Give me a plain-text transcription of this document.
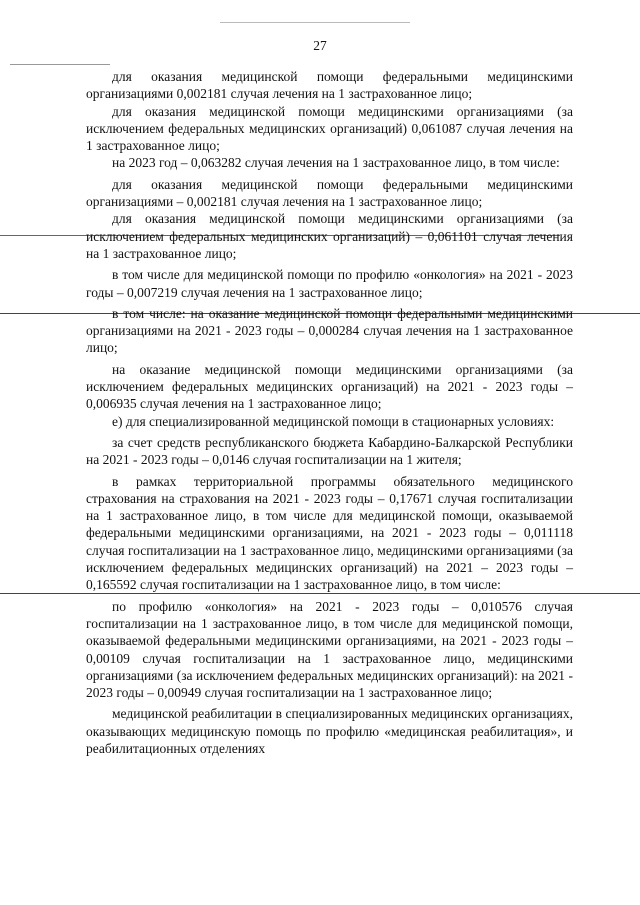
27

для оказания медицинской помощи федеральными медицинскими организациями 0,002181 случая лечения на 1 застрахованное лицо;

для оказания медицинской помощи медицинскими организациями (за исключением федеральных медицинских организаций) 0,061087 случая лечения на 1 застрахованное лицо;

на 2023 год – 0,063282 случая лечения на 1 застрахованное лицо, в том числе:

для оказания медицинской помощи федеральными медицинскими организациями – 0,002181 случая лечения на 1 застрахованное лицо;

для оказания медицинской помощи медицинскими организациями (за исключением федеральных медицинских организаций) – 0,061101 случая лечения на 1 застрахованное лицо;

в том числе для медицинской помощи по профилю «онкология» на 2021 - 2023 годы – 0,007219 случая лечения на 1 застрахованное лицо;

в том числе: на оказание медицинской помощи федеральными медицинскими организациями на 2021 - 2023 годы – 0,000284 случая лечения на 1 застрахованное лицо;

на оказание медицинской помощи медицинскими организациями (за исключением федеральных медицинских организаций) на 2021 - 2023 годы – 0,006935 случая лечения на 1 застрахованное лицо;

е) для специализированной медицинской помощи в стационарных условиях:

за счет средств республиканского бюджета Кабардино-Балкарской Республики на 2021 - 2023 годы – 0,0146 случая госпитализации на 1 жителя;

в рамках территориальной программы обязательного медицинского страхования на страхования на 2021 - 2023 годы – 0,17671 случая госпитализации на 1 застрахованное лицо, в том числе для медицинской помощи, оказываемой федеральными медицинскими организациями, на 2021 - 2023 годы – 0,011118 случая госпитализации на 1 застрахованное лицо, медицинскими организациями (за исключением федеральных медицинских организаций) на 2021 – 2023 годы – 0,165592 случая госпитализации на 1 застрахованное лицо, в том числе:

по профилю «онкология» на 2021 - 2023 годы – 0,010576 случая госпитализации на 1 застрахованное лицо, в том числе для медицинской помощи, оказываемой федеральными медицинскими организациями, на 2021 - 2023 годы – 0,00109 случая госпитализации на 1 застрахованное лицо, медицинскими организациями (за исключением федеральных медицинских организаций): на 2021 - 2023 годы – 0,00949 случая госпитализации на 1 застрахованное лицо;

медицинской реабилитации в специализированных медицинских организациях, оказывающих медицинскую помощь по профилю «медицинская реабилитация», и реабилитационных отделениях
